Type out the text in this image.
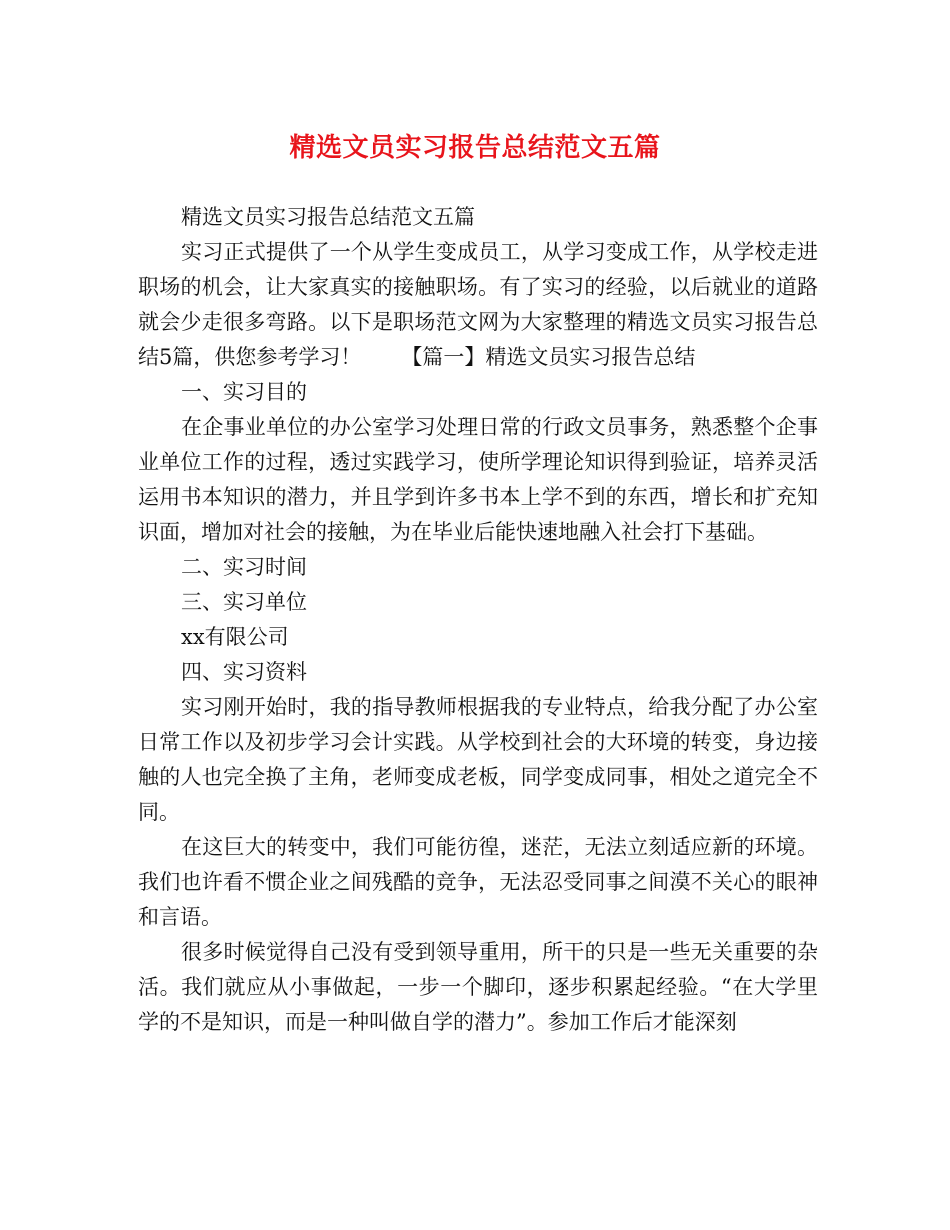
精选文员实习报告总结范文五篇

精选文员实习报告总结范文五篇

实习正式提供了一个从学生变成员工，从学习变成工作，从学校走进职场的机会，让大家真实的接触职场。有了实习的经验，以后就业的道路就会少走很多弯路。以下是职场范文网为大家整理的精选文员实习报告总结5篇，供您参考学习！ 【篇一】精选文员实习报告总结

一、实习目的

在企事业单位的办公室学习处理日常的行政文员事务，熟悉整个企事业单位工作的过程，透过实践学习，使所学理论知识得到验证，培养灵活运用书本知识的潜力，并且学到许多书本上学不到的东西，增长和扩充知识面，增加对社会的接触，为在毕业后能快速地融入社会打下基础。

二、实习时间

三、实习单位

xx有限公司

四、实习资料

实习刚开始时，我的指导教师根据我的专业特点，给我分配了办公室日常工作以及初步学习会计实践。从学校到社会的大环境的转变，身边接触的人也完全换了主角，老师变成老板，同学变成同事，相处之道完全不同。

在这巨大的转变中，我们可能彷徨，迷茫，无法立刻适应新的环境。我们也许看不惯企业之间残酷的竞争，无法忍受同事之间漠不关心的眼神和言语。

很多时候觉得自己没有受到领导重用，所干的只是一些无关重要的杂活。我们就应从小事做起，一步一个脚印，逐步积累起经验。“在大学里学的不是知识，而是一种叫做自学的潜力”。参加工作后才能深刻
